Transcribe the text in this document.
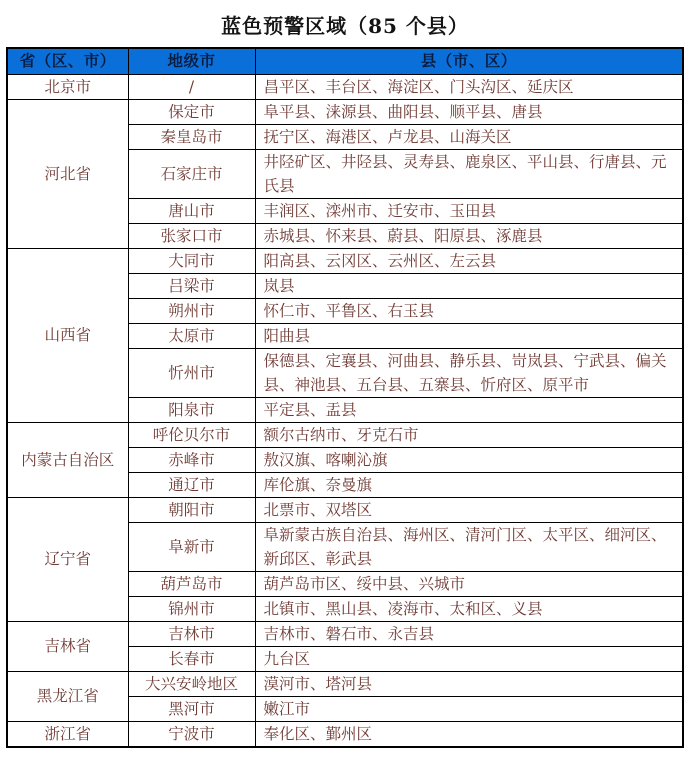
蓝色预警区域（85 个县）
省（区、市）	地级市	县（市、区）
北京市	/	昌平区、丰台区、海淀区、门头沟区、延庆区
河北省	保定市	阜平县、涞源县、曲阳县、顺平县、唐县
	秦皇岛市	抚宁区、海港区、卢龙县、山海关区
	石家庄市	井陉矿区、井陉县、灵寿县、鹿泉区、平山县、行唐县、元氏县
	唐山市	丰润区、滦州市、迁安市、玉田县
	张家口市	赤城县、怀来县、蔚县、阳原县、涿鹿县
山西省	大同市	阳高县、云冈区、云州区、左云县
	吕梁市	岚县
	朔州市	怀仁市、平鲁区、右玉县
	太原市	阳曲县
	忻州市	保德县、定襄县、河曲县、静乐县、岢岚县、宁武县、偏关县、神池县、五台县、五寨县、忻府区、原平市
	阳泉市	平定县、盂县
内蒙古自治区	呼伦贝尔市	额尔古纳市、牙克石市
	赤峰市	敖汉旗、喀喇沁旗
	通辽市	库伦旗、奈曼旗
辽宁省	朝阳市	北票市、双塔区
	阜新市	阜新蒙古族自治县、海州区、清河门区、太平区、细河区、新邱区、彰武县
	葫芦岛市	葫芦岛市区、绥中县、兴城市
	锦州市	北镇市、黑山县、凌海市、太和区、义县
吉林省	吉林市	吉林市、磐石市、永吉县
	长春市	九台区
黑龙江省	大兴安岭地区	漠河市、塔河县
	黑河市	嫩江市
浙江省	宁波市	奉化区、鄞州区
